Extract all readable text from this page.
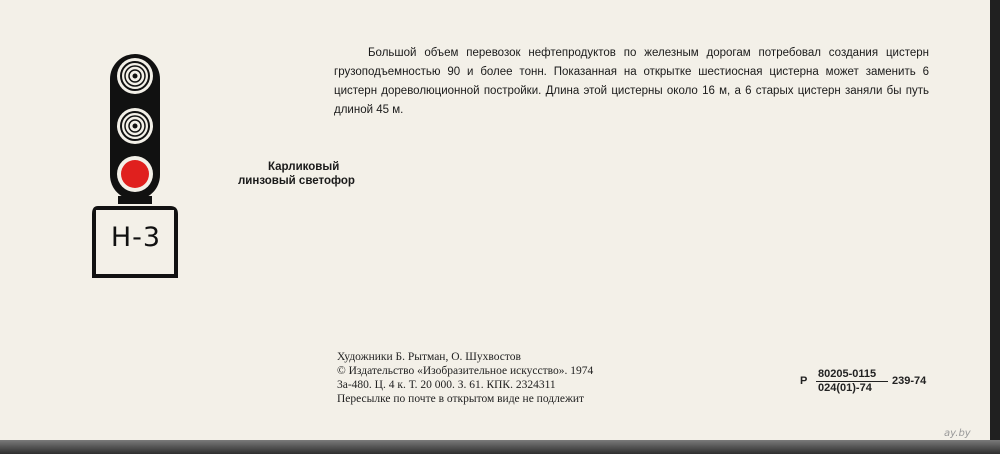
Н-3
Карликовый
линзовый светофор
Большой объем перевозок нефтепродуктов по железным дорогам потребовал создания цистерн грузоподъемностью 90 и более тонн. Показанная на открытке шестиосная цистерна может заменить 6 цистерн дореволюционной постройки. Длина этой цистерны около 16 м, а 6 старых цистерн заняли бы путь длиной 45 м.
Художники Б. Рытман, О. Шухвостов
© Издательство «Изобразительное искусство». 1974
3а-480. Ц. 4 к. Т. 20 000. З. 61. КПК. 2324311
Пересылке по почте в открытом виде не подлежит
Р
80205-0115
024(01)-74
239-74
ay.by
